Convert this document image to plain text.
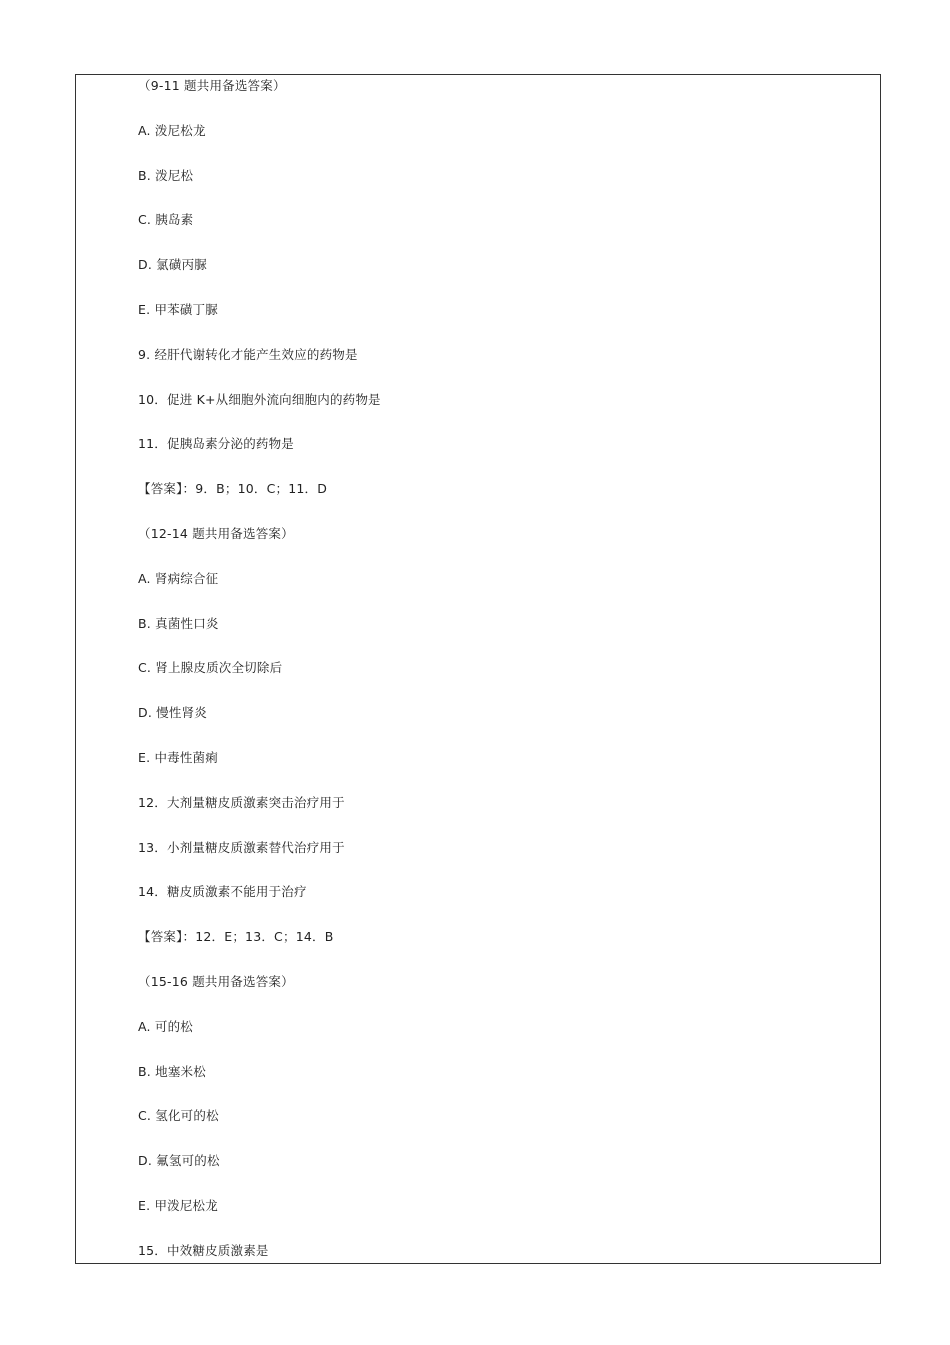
（9-11 题共用备选答案）
A. 泼尼松龙
B. 泼尼松
C. 胰岛素
D. 氯磺丙脲
E. 甲苯磺丁脲
9. 经肝代谢转化才能产生效应的药物是
10．促进 K+从细胞外流向细胞内的药物是
11．促胰岛素分泌的药物是
【答案】：9．B；10．C；11．D
（12-14 题共用备选答案）
A. 肾病综合征
B. 真菌性口炎
C. 肾上腺皮质次全切除后
D. 慢性肾炎
E. 中毒性菌痢
12．大剂量糖皮质激素突击治疗用于
13．小剂量糖皮质激素替代治疗用于
14．糖皮质激素不能用于治疗
【答案】：12．E；13．C；14．B
（15-16 题共用备选答案）
A. 可的松
B. 地塞米松
C. 氢化可的松
D. 氟氢可的松
E. 甲泼尼松龙
15．中效糖皮质激素是
